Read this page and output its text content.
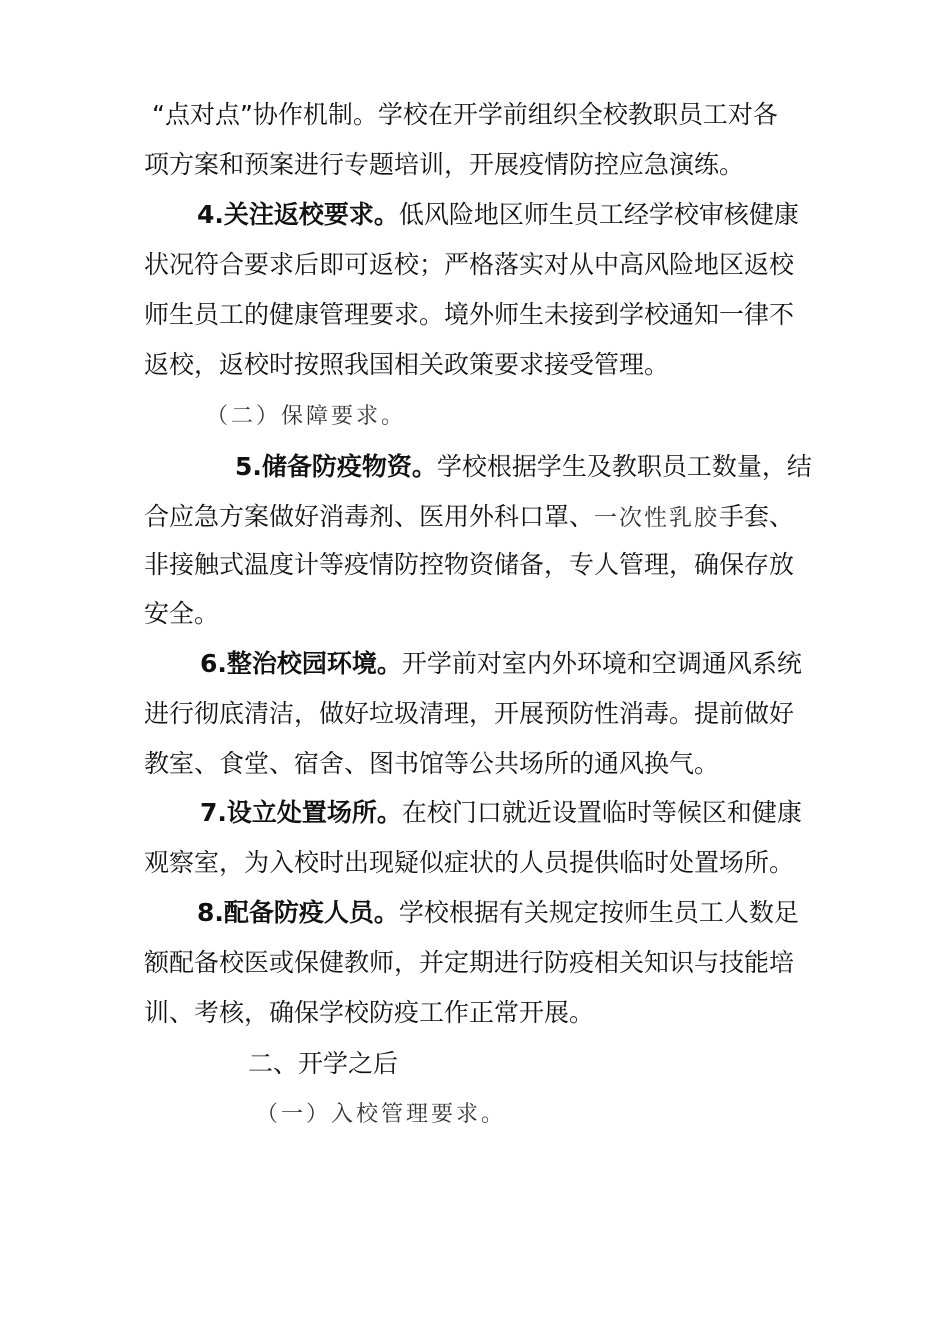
“点对点”协作机制。学校在开学前组织全校教职员工对各
项方案和预案进行专题培训，开展疫情防控应急演练。
4.关注返校要求。低风险地区师生员工经学校审核健康
状况符合要求后即可返校；严格落实对从中高风险地区返校
师生员工的健康管理要求。境外师生未接到学校通知一律不
返校，返校时按照我国相关政策要求接受管理。
（二）保障要求。
5.储备防疫物资。学校根据学生及教职员工数量，结
合应急方案做好消毒剂、医用外科口罩、一次性乳胶手套、
非接触式温度计等疫情防控物资储备，专人管理，确保存放
安全。
6.整治校园环境。开学前对室内外环境和空调通风系统
进行彻底清洁，做好垃圾清理，开展预防性消毒。提前做好
教室、食堂、宿舍、图书馆等公共场所的通风换气。
7.设立处置场所。在校门口就近设置临时等候区和健康
观察室，为入校时出现疑似症状的人员提供临时处置场所。
8.配备防疫人员。学校根据有关规定按师生员工人数足
额配备校医或保健教师，并定期进行防疫相关知识与技能培
训、考核，确保学校防疫工作正常开展。
二、开学之后
（一）入校管理要求。
